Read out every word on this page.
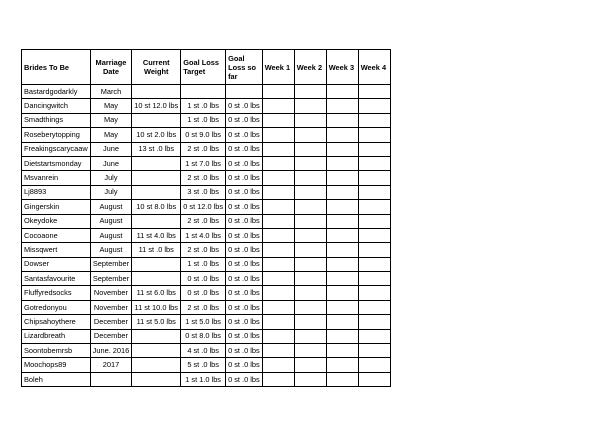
Brides To Be	Marriage Date	Current Weight	Goal Loss Target	Goal Loss so far	Week 1	Week 2	Week 3	Week 4
Bastardgodarkly	March							
Dancingwitch	May	10 st 12.0 lbs	1 st .0 lbs	0 st .0 lbs				
Smadthings	May		1 st .0 lbs	0 st .0 lbs				
Roseberytopping	May	10 st 2.0 lbs	0 st 9.0 lbs	0 st .0 lbs				
Freakingscarycaaw	June	13 st .0 lbs	2 st .0 lbs	0 st .0 lbs				
Dietstartsmonday	June		1 st 7.0 lbs	0 st .0 lbs				
Msvanrein	July		2 st .0 lbs	0 st .0 lbs				
Lj8893	July		3 st .0 lbs	0 st .0 lbs				
Gingerskin	August	10 st 8.0 lbs	0 st 12.0 lbs	0 st .0 lbs				
Okeydoke	August		2 st .0 lbs	0 st .0 lbs				
Cocoaone	August	11 st 4.0 lbs	1 st 4.0 lbs	0 st .0 lbs				
Missqwert	August	11 st .0 lbs	2 st .0 lbs	0 st .0 lbs				
Dowser	September		1 st .0 lbs	0 st .0 lbs				
Santasfavourite	September		0 st .0 lbs	0 st .0 lbs				
Fluffyredsocks	November	11 st 6.0 lbs	0 st .0 lbs	0 st .0 lbs				
Gotredonyou	November	11 st 10.0 lbs	2 st .0 lbs	0 st .0 lbs				
Chipsahoythere	December	11 st 5.0 lbs	1 st 5.0 lbs	0 st .0 lbs				
Lizardbreath	December		0 st 8.0 lbs	0 st .0 lbs				
Soontobemrsb	June. 2016		4 st .0 lbs	0 st .0 lbs				
Moochops89	2017		5 st .0 lbs	0 st .0 lbs				
Boleh			1 st 1.0 lbs	0 st .0 lbs				
